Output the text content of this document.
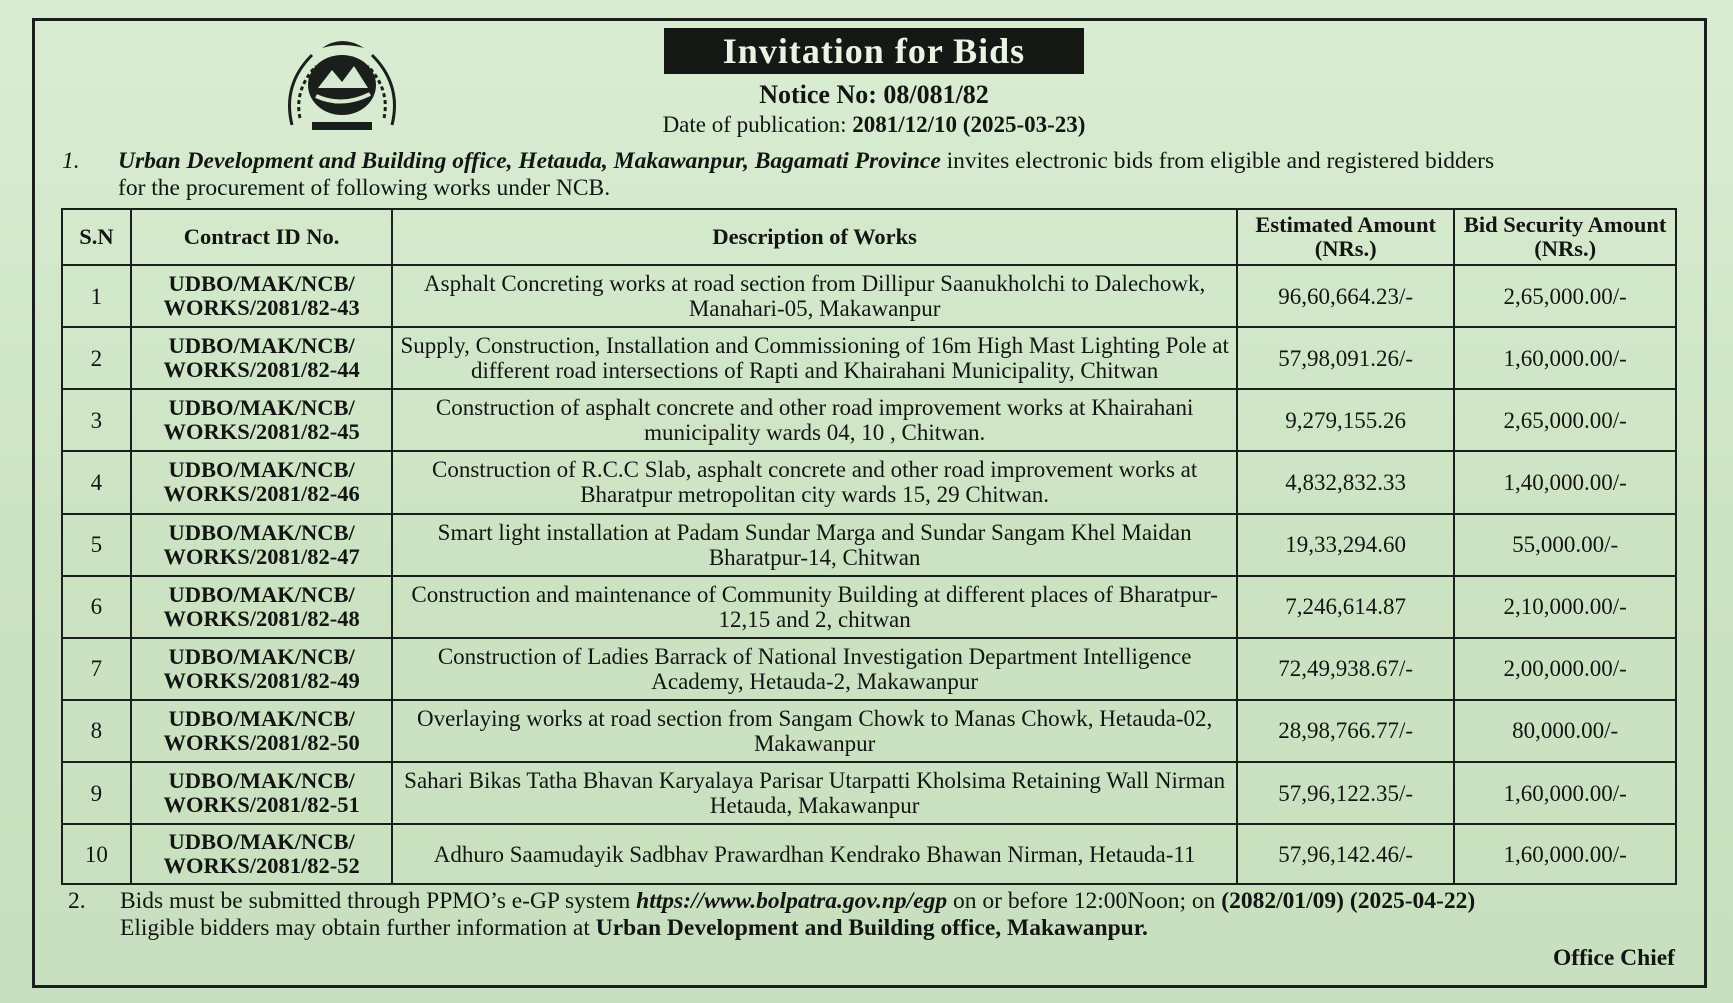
Invitation for Bids
Notice No: 08/081/82
Date of publication: 2081/12/10 (2025-03-23)
1. Urban Development and Building office, Hetauda, Makawanpur, Bagamati Province invites electronic bids from eligible and registered bidders
for the procurement of following works under NCB.
S.N	Contract ID No.	Description of Works	Estimated Amount (NRs.)	Bid Security Amount (NRs.)
1	UDBO/MAK/NCB/
WORKS/2081/82-43	Asphalt Concreting works at road section from Dillipur Saanukholchi to Dalechowk, Manahari-05, Makawanpur	96,60,664.23/-	2,65,000.00/-
2	UDBO/MAK/NCB/
WORKS/2081/82-44	Supply, Construction, Installation and Commissioning of 16m High Mast Lighting Pole at different road intersections of Rapti and Khairahani Municipality, Chitwan	57,98,091.26/-	1,60,000.00/-
3	UDBO/MAK/NCB/
WORKS/2081/82-45	Construction of asphalt concrete and other road improvement works at Khairahani municipality wards 04, 10 , Chitwan.	9,279,155.26	2,65,000.00/-
4	UDBO/MAK/NCB/
WORKS/2081/82-46	Construction of R.C.C Slab, asphalt concrete and other road improvement works at Bharatpur metropolitan city wards 15, 29 Chitwan.	4,832,832.33	1,40,000.00/-
5	UDBO/MAK/NCB/
WORKS/2081/82-47	Smart light installation at Padam Sundar Marga and Sundar Sangam Khel Maidan Bharatpur-14, Chitwan	19,33,294.60	55,000.00/-
6	UDBO/MAK/NCB/
WORKS/2081/82-48	Construction and maintenance of Community Building at different places of Bharatpur-12,15 and 2, chitwan	7,246,614.87	2,10,000.00/-
7	UDBO/MAK/NCB/
WORKS/2081/82-49	Construction of Ladies Barrack of National Investigation Department Intelligence Academy, Hetauda-2, Makawanpur	72,49,938.67/-	2,00,000.00/-
8	UDBO/MAK/NCB/
WORKS/2081/82-50	Overlaying works at road section from Sangam Chowk to Manas Chowk, Hetauda-02, Makawanpur	28,98,766.77/-	80,000.00/-
9	UDBO/MAK/NCB/
WORKS/2081/82-51	Sahari Bikas Tatha Bhavan Karyalaya Parisar Utarpatti Kholsima Retaining Wall Nirman Hetauda, Makawanpur	57,96,122.35/-	1,60,000.00/-
10	UDBO/MAK/NCB/
WORKS/2081/82-52	Adhuro Saamudayik Sadbhav Prawardhan Kendrako Bhawan Nirman, Hetauda-11	57,96,142.46/-	1,60,000.00/-
2. Bids must be submitted through PPMO’s e-GP system https://www.bolpatra.gov.np/egp on or before 12:00Noon; on (2082/01/09) (2025-04-22)
Eligible bidders may obtain further information at Urban Development and Building office, Makawanpur.
Office Chief
